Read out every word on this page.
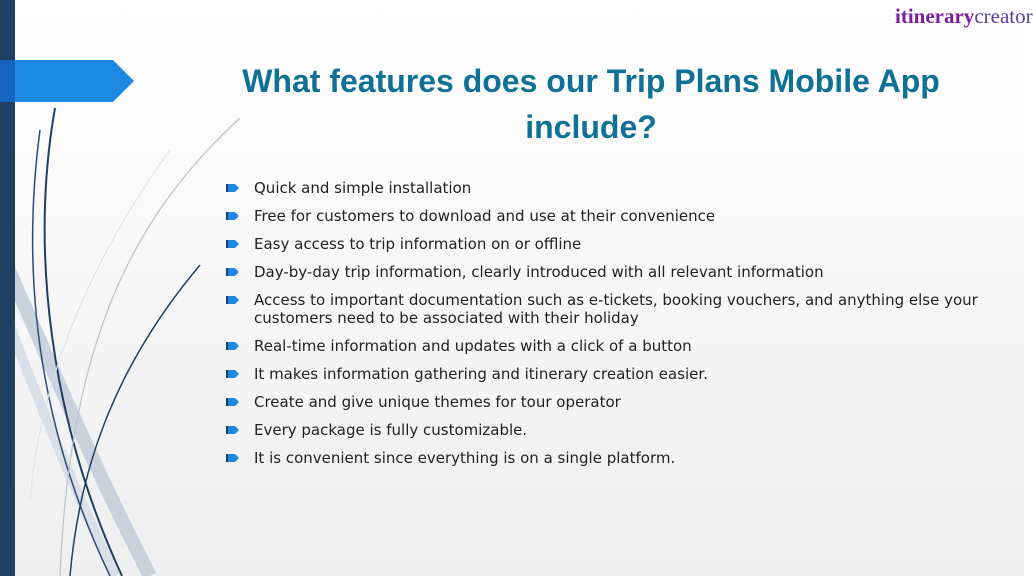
itinerarycreator
What features does our Trip Plans Mobile App include?
Quick and simple installation
Free for customers to download and use at their convenience
Easy access to trip information on or offline
Day-by-day trip information, clearly introduced with all relevant information
Access to important documentation such as e-tickets, booking vouchers, and anything else your customers need to be associated with their holiday
Real-time information and updates with a click of a button
It makes information gathering and itinerary creation easier.
Create and give unique themes for tour operator
Every package is fully customizable.
It is convenient since everything is on a single platform.
